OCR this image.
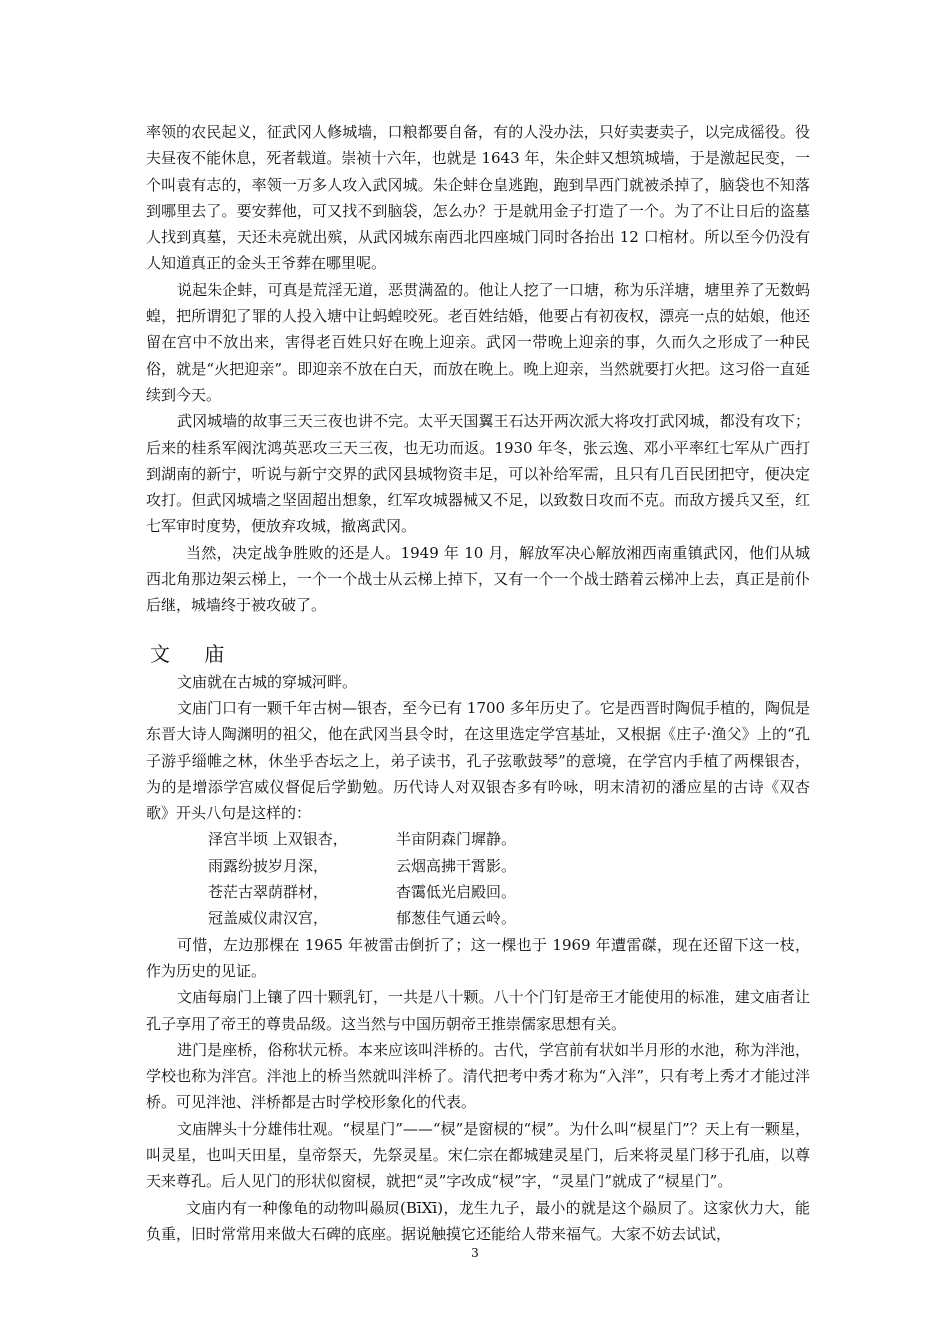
率领的农民起义，征武冈人修城墙，口粮都要自备，有的人没办法，只好卖妻卖子，以完成徭役。役夫昼夜不能休息，死者载道。崇祯十六年，也就是 1643 年，朱企蚌又想筑城墙，于是激起民变，一个叫袁有志的，率领一万多人攻入武冈城。朱企蚌仓皇逃跑，跑到旱西门就被杀掉了，脑袋也不知落到哪里去了。要安葬他，可又找不到脑袋，怎么办？于是就用金子打造了一个。为了不让日后的盗墓人找到真墓，天还未亮就出殡，从武冈城东南西北四座城门同时各抬出 12 口棺材。所以至今仍没有人知道真正的金头王爷葬在哪里呢。

说起朱企蚌，可真是荒淫无道，恶贯满盈的。他让人挖了一口塘，称为乐洋塘，塘里养了无数蚂蝗，把所谓犯了罪的人投入塘中让蚂蝗咬死。老百姓结婚，他要占有初夜权，漂亮一点的姑娘，他还留在宫中不放出来，害得老百姓只好在晚上迎亲。武冈一带晚上迎亲的事，久而久之形成了一种民俗，就是“火把迎亲”。即迎亲不放在白天，而放在晚上。晚上迎亲，当然就要打火把。这习俗一直延续到今天。

武冈城墙的故事三天三夜也讲不完。太平天国翼王石达开两次派大将攻打武冈城，都没有攻下；后来的桂系军阀沈鸿英恶攻三天三夜，也无功而返。1930 年冬，张云逸、邓小平率红七军从广西打到湖南的新宁，听说与新宁交界的武冈县城物资丰足，可以补给军需，且只有几百民团把守，便决定攻打。但武冈城墙之坚固超出想象，红军攻城器械又不足，以致数日攻而不克。而敌方援兵又至，红七军审时度势，便放弃攻城，撤离武冈。

当然，决定战争胜败的还是人。1949 年 10 月，解放军决心解放湘西南重镇武冈，他们从城西北角那边架云梯上，一个一个战士从云梯上掉下，又有一个一个战士踏着云梯冲上去，真正是前仆后继，城墙终于被攻破了。

文 庙

文庙就在古城的穿城河畔。

文庙门口有一颗千年古树—银杏，至今已有 1700 多年历史了。它是西晋时陶侃手植的，陶侃是东晋大诗人陶渊明的祖父，他在武冈当县令时，在这里选定学宫基址，又根据《庄子·渔父》上的“孔子游乎缁帷之林，休坐乎杏坛之上，弟子读书，孔子弦歌鼓琴”的意境，在学宫内手植了两棵银杏，为的是增添学宫威仪督促后学勤勉。历代诗人对双银杏多有吟咏，明末清初的潘应星的古诗《双杏歌》开头八句是这样的：

泽宫半顷 上双银杏，	半亩阴森门墀静。
雨露纷披岁月深，	云烟高拂干霄影。
苍茫古翠荫群材，	杳霭低光启殿回。
冠盖威仪肃汉宫，	郁葱佳气通云岭。

可惜，左边那棵在 1965 年被雷击倒折了；这一棵也于 1969 年遭雷磔，现在还留下这一枝，作为历史的见证。

文庙每扇门上镶了四十颗乳钉，一共是八十颗。八十个门钉是帝王才能使用的标准，建文庙者让孔子享用了帝王的尊贵品级。这当然与中国历朝帝王推崇儒家思想有关。

进门是座桥，俗称状元桥。本来应该叫泮桥的。古代，学宫前有状如半月形的水池，称为泮池，学校也称为泮宫。泮池上的桥当然就叫泮桥了。清代把考中秀才称为“入泮”，只有考上秀才才能过泮桥。可见泮池、泮桥都是古时学校形象化的代表。

文庙牌头十分雄伟壮观。“棂星门”——“棂”是窗棂的“棂”。为什么叫“棂星门”？天上有一颗星，叫灵星，也叫天田星，皇帝祭天，先祭灵星。宋仁宗在都城建灵星门，后来将灵星门移于孔庙，以尊天来尊孔。后人见门的形状似窗棂，就把“灵”字改成“棂”字，“灵星门”就成了“棂星门”。

文庙内有一种像龟的动物叫赑屃(BīXī)，龙生九子，最小的就是这个赑屃了。这家伙力大，能负重，旧时常常用来做大石碑的底座。据说触摸它还能给人带来福气。大家不妨去试试，

3
